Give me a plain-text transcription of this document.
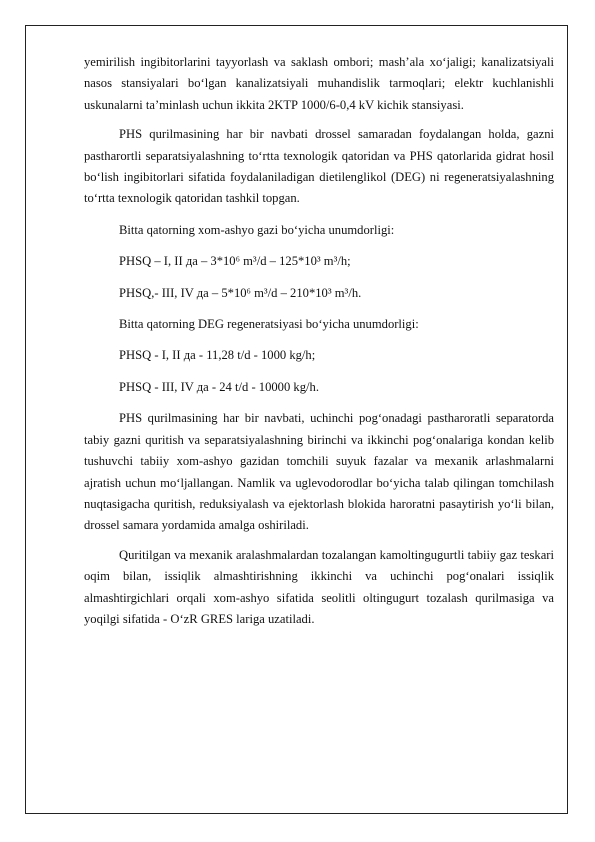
yemirilish ingibitorlarini tayyorlash va saklash ombori; mash’ala xo‘jaligi; kanalizatsiyali nasos stansiyalari bo‘lgan kanalizatsiyali muhandislik tarmoqlari; elektr kuchlanishli uskunalarni ta’minlash uchun ikkita 2KTP 1000/6-0,4 kV kichik stansiyasi.

PHS qurilmasining har bir navbati drossel samaradan foydalangan holda, gazni pastharortli separatsiyalashning to‘rtta texnologik qatoridan va PHS qatorlarida gidrat hosil bo‘lish ingibitorlari sifatida foydalaniladigan dietilenglikol (DEG) ni regeneratsiyalashning to‘rtta texnologik qatoridan tashkil topgan.

Bitta qatorning xom-ashyo gazi bo‘yicha unumdorligi:

PHSQ – I, II да – 3*10⁶ m³/d – 125*10³ m³/h;

PHSQ,- III, IV да – 5*10⁶ m³/d – 210*10³ m³/h.

Bitta qatorning DEG regeneratsiyasi bo‘yicha unumdorligi:

PHSQ - I, II да - 11,28 t/d - 1000 kg/h;

PHSQ - III, IV да - 24 t/d - 10000 kg/h.

PHS qurilmasining har bir navbati, uchinchi pog‘onadagi pastharoratli separatorda tabiy gazni quritish va separatsiyalashning birinchi va ikkinchi pog‘onalariga kondan kelib tushuvchi tabiiy xom-ashyo gazidan tomchili suyuk fazalar va mexanik arlashmalarni ajratish uchun mo‘ljallangan. Namlik va uglevodorodlar bo‘yicha talab qilingan tomchilash nuqtasigacha quritish, reduksiyalash va ejektorlash blokida haroratni pasaytirish yo‘li bilan, drossel samara yordamida amalga oshiriladi.

Quritilgan va mexanik aralashmalardan tozalangan kamoltingugurtli tabiiy gaz teskari oqim bilan, issiqlik almashtirishning ikkinchi va uchinchi pog‘onalari issiqlik almashtirgichlari orqali xom-ashyo sifatida seolitli oltingugurt tozalash qurilmasiga va yoqilgi sifatida - O‘zR GRES lariga uzatiladi.
